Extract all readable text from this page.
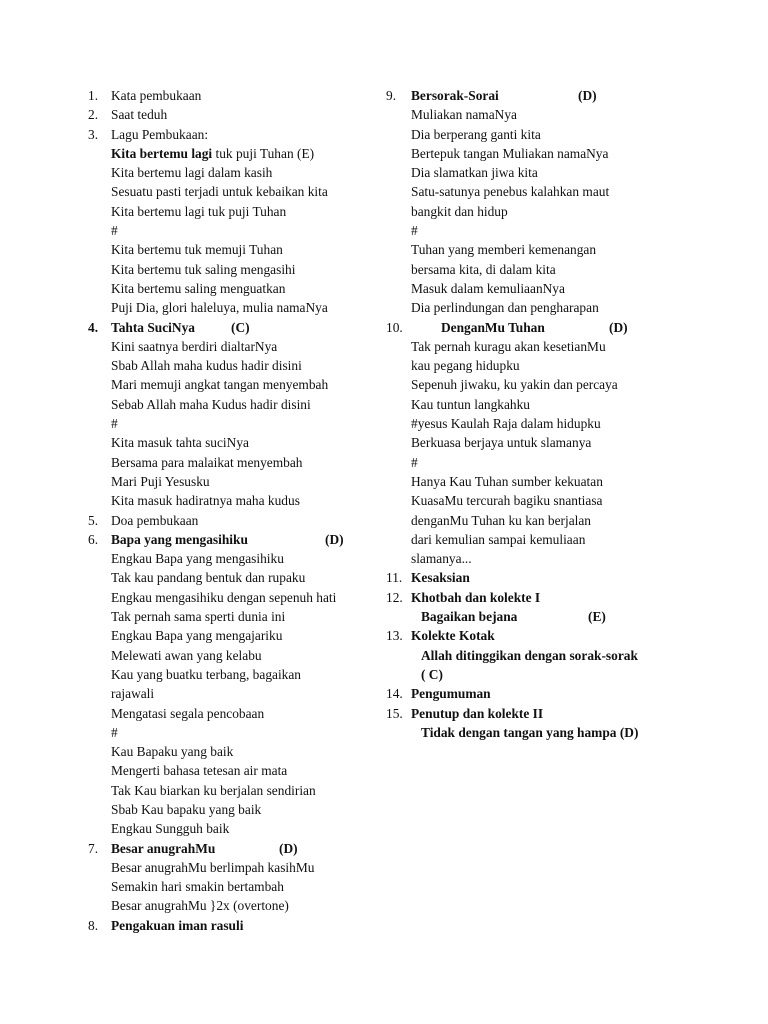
1. Kata pembukaan
2. Saat teduh
3. Lagu Pembukaan:
Kita bertemu lagi tuk puji Tuhan (E)
Kita bertemu lagi dalam kasih
Sesuatu pasti terjadi untuk kebaikan kita
Kita bertemu lagi tuk puji Tuhan
#
Kita bertemu tuk memuji Tuhan
Kita bertemu tuk saling mengasihi
Kita bertemu saling menguatkan
Puji Dia, glori haleluya, mulia namaNya
4. Tahta SuciNya	(C)
Kini saatnya berdiri dialtarNya
Sbab Allah maha kudus hadir disini
Mari memuji angkat tangan menyembah
Sebab Allah maha Kudus hadir disini
#
Kita masuk tahta suciNya
Bersama para malaikat menyembah
Mari Puji Yesusku
Kita masuk hadiratnya maha kudus
5. Doa pembukaan
6. Bapa yang mengasihiku	(D)
Engkau Bapa yang mengasihiku
Tak kau pandang bentuk dan rupaku
Engkau mengasihiku dengan sepenuh hati
Tak pernah sama sperti dunia ini
Engkau Bapa yang mengajariku
Melewati awan yang kelabu
Kau yang buatku terbang, bagaikan
rajawali
Mengatasi segala pencobaan
#
Kau Bapaku yang baik
Mengerti bahasa tetesan air mata
Tak Kau biarkan ku berjalan sendirian
Sbab Kau bapaku yang baik
Engkau Sungguh baik
7. Besar anugrahMu	(D)
Besar anugrahMu berlimpah kasihMu
Semakin hari smakin bertambah
Besar anugrahMu }2x (overtone)
8. Pengakuan iman rasuli
9. Bersorak-Sorai	(D)
Muliakan namaNya
Dia berperang ganti kita
Bertepuk tangan Muliakan namaNya
Dia slamatkan jiwa kita
Satu-satunya penebus kalahkan maut
bangkit dan hidup
#
Tuhan yang memberi kemenangan
bersama kita, di dalam kita
Masuk dalam kemuliaanNya
Dia perlindungan dan pengharapan
10.	DenganMu Tuhan	(D)
Tak pernah kuragu akan kesetianMu
kau pegang hidupku
Sepenuh jiwaku, ku yakin dan percaya
Kau tuntun langkahku
#yesus Kaulah Raja dalam hidupku
Berkuasa berjaya untuk slamanya
#
Hanya Kau Tuhan sumber kekuatan
KuasaMu tercurah bagiku snantiasa
denganMu Tuhan ku kan berjalan
dari kemulian sampai kemuliaan
slamanya...
11. Kesaksian
12. Khotbah dan kolekte I
Bagaikan bejana	(E)
13. Kolekte Kotak
Allah ditinggikan dengan sorak-sorak
( C)
14. Pengumuman
15. Penutup dan kolekte II
Tidak dengan tangan yang hampa (D)
